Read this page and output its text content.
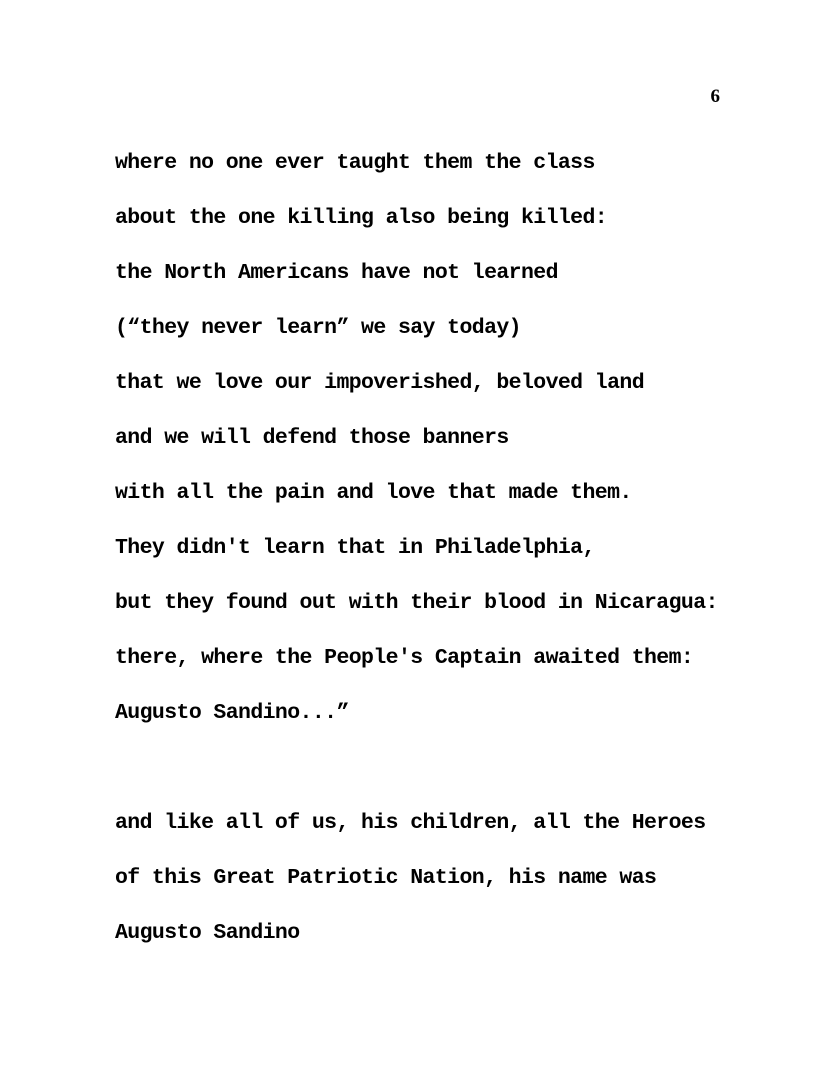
6
where no one ever taught them the class
about the one killing also being killed:
the North Americans have not learned
(“they never learn” we say today)
that we love our impoverished, beloved land
and we will defend those banners
with all the pain and love that made them.
They didn't learn that in Philadelphia,
but they found out with their blood in Nicaragua:
there, where the People's Captain awaited them:
Augusto Sandino...”
and like all of us, his children, all the Heroes
of this Great Patriotic Nation, his name was
Augusto Sandino
